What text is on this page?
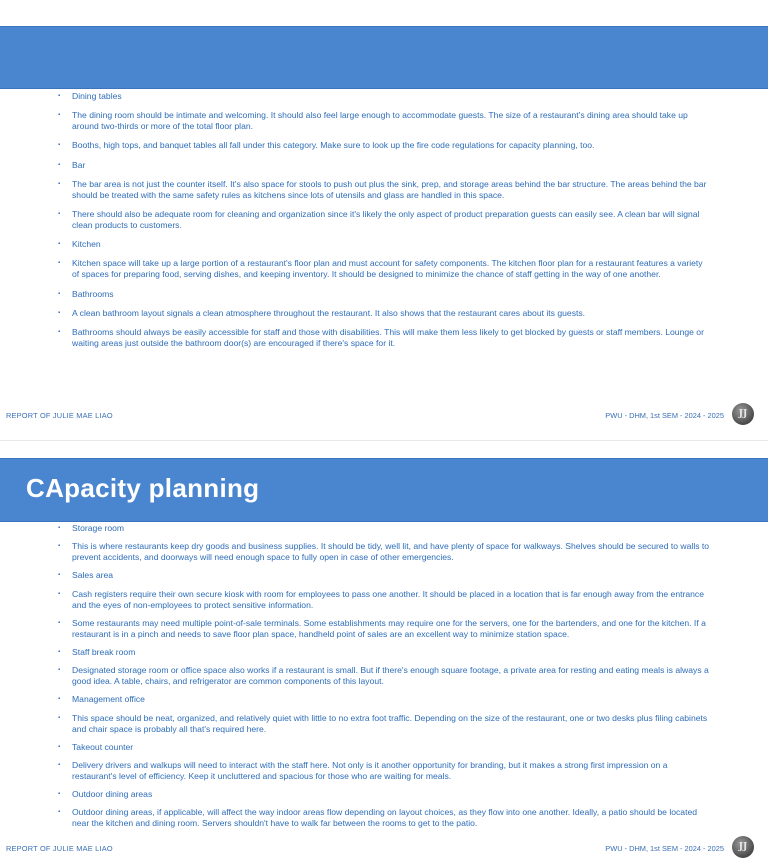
▪ Dining tables
▪ The dining room should be intimate and welcoming. It should also feel large enough to accommodate guests. The size of a restaurant's dining area should take up around two-thirds or more of the total floor plan.
▪ Booths, high tops, and banquet tables all fall under this category. Make sure to look up the fire code regulations for capacity planning, too.
▪ Bar
▪ The bar area is not just the counter itself. It's also space for stools to push out plus the sink, prep, and storage areas behind the bar structure. The areas behind the bar should be treated with the same safety rules as kitchens since lots of utensils and glass are handled in this space.
▪ There should also be adequate room for cleaning and organization since it's likely the only aspect of product preparation guests can easily see. A clean bar will signal clean products to customers.
▪ Kitchen
▪ Kitchen space will take up a large portion of a restaurant's floor plan and must account for safety components. The kitchen floor plan for a restaurant features a variety of spaces for preparing food, serving dishes, and keeping inventory. It should be designed to minimize the chance of staff getting in the way of one another.
▪ Bathrooms
▪ A clean bathroom layout signals a clean atmosphere throughout the restaurant. It also shows that the restaurant cares about its guests.
▪ Bathrooms should always be easily accessible for staff and those with disabilities. This will make them less likely to get blocked by guests or staff members. Lounge or waiting areas just outside the bathroom door(s) are encouraged if there's space for it.
REPORT OF JULIE MAE LIAO	PWU - DHM, 1st SEM - 2024 - 2025	JJ
CApacity planning
▪ Storage room
▪ This is where restaurants keep dry goods and business supplies. It should be tidy, well lit, and have plenty of space for walkways. Shelves should be secured to walls to prevent accidents, and doorways will need enough space to fully open in case of other emergencies.
▪ Sales area
▪ Cash registers require their own secure kiosk with room for employees to pass one another. It should be placed in a location that is far enough away from the entrance and the eyes of non-employees to protect sensitive information.
▪ Some restaurants may need multiple point-of-sale terminals. Some establishments may require one for the servers, one for the bartenders, and one for the kitchen. If a restaurant is in a pinch and needs to save floor plan space, handheld point of sales are an excellent way to minimize station space.
▪ Staff break room
▪ Designated storage room or office space also works if a restaurant is small. But if there's enough square footage, a private area for resting and eating meals is always a good idea. A table, chairs, and refrigerator are common components of this layout.
▪ Management office
▪ This space should be neat, organized, and relatively quiet with little to no extra foot traffic. Depending on the size of the restaurant, one or two desks plus filing cabinets and chair space is probably all that's required here.
▪ Takeout counter
▪ Delivery drivers and walkups will need to interact with the staff here. Not only is it another opportunity for branding, but it makes a strong first impression on a restaurant's level of efficiency. Keep it uncluttered and spacious for those who are waiting for meals.
▪ Outdoor dining areas
▪ Outdoor dining areas, if applicable, will affect the way indoor areas flow depending on layout choices, as they flow into one another. Ideally, a patio should be located near the kitchen and dining room. Servers shouldn't have to walk far between the rooms to get to the patio.
REPORT OF JULIE MAE LIAO	PWU - DHM, 1st SEM - 2024 - 2025	JJ
